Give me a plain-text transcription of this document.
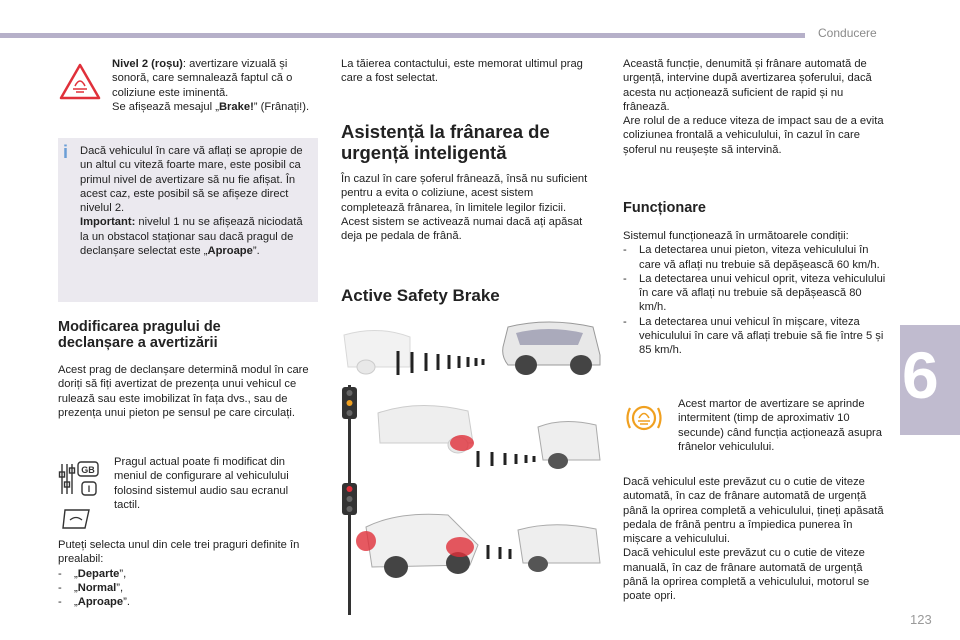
Conducere
6
123
Nivel 2 (roșu): avertizare vizuală și sonoră, care semnalează faptul că o coliziune este iminentă.
Se afișează mesajul „Brake!” (Frânați!).
i Dacă vehiculul în care vă aflați se apropie de un altul cu viteză foarte mare, este posibil ca primul nivel de avertizare să nu fie afișat. În acest caz, este posibil să se afișeze direct nivelul 2.
Important: nivelul 1 nu se afișează niciodată la un obstacol staționar sau dacă pragul de declanșare selectat este „Aproape”.
Modificarea pragului de declanșare a avertizării
Acest prag de declanșare determină modul în care doriți să fiți avertizat de prezența unui vehicul ce rulează sau este imobilizat în fața dvs., sau de prezența unui pieton pe sensul pe care circulați.
GB
I
Pragul actual poate fi modificat din meniul de configurare al vehiculului folosind sistemul audio sau ecranul tactil.
Puteți selecta unul din cele trei praguri definite în prealabil:
-	„Departe”,
-	„Normal”,
-	„Aproape”.
La tăierea contactului, este memorat ultimul prag care a fost selectat.
Asistență la frânarea de urgență inteligentă
În cazul în care șoferul frânează, însă nu suficient pentru a evita o coliziune, acest sistem completează frânarea, în limitele legilor fizicii.
Acest sistem se activează numai dacă ați apăsat deja pe pedala de frână.
Active Safety Brake
Această funcție, denumită și frânare automată de urgență, intervine după avertizarea șoferului, dacă acesta nu acționează suficient de rapid și nu frânează.
Are rolul de a reduce viteza de impact sau de a evita coliziunea frontală a vehiculului, în cazul în care șoferul nu reușește să intervină.
Funcționare
Sistemul funcționează în următoarele condiții:
-	La detectarea unui pieton, viteza vehiculului în care vă aflați nu trebuie să depășească 60 km/h.
-	La detectarea unui vehicul oprit, viteza vehiculului în care vă aflați nu trebuie să depășească 80 km/h.
-	La detectarea unui vehicul în mișcare, viteza vehiculului în care vă aflați trebuie să fie între 5 și 85 km/h.
Acest martor de avertizare se aprinde intermitent (timp de aproximativ 10 secunde) când funcția acționează asupra frânelor vehiculului.
Dacă vehiculul este prevăzut cu o cutie de viteze automată, în caz de frânare automată de urgență până la oprirea completă a vehiculului, țineți apăsată pedala de frână pentru a împiedica punerea în mișcare a vehiculului.
Dacă vehiculul este prevăzut cu o cutie de viteze manuală, în caz de frânare automată de urgență până la oprirea completă a vehiculului, motorul se poate opri.
